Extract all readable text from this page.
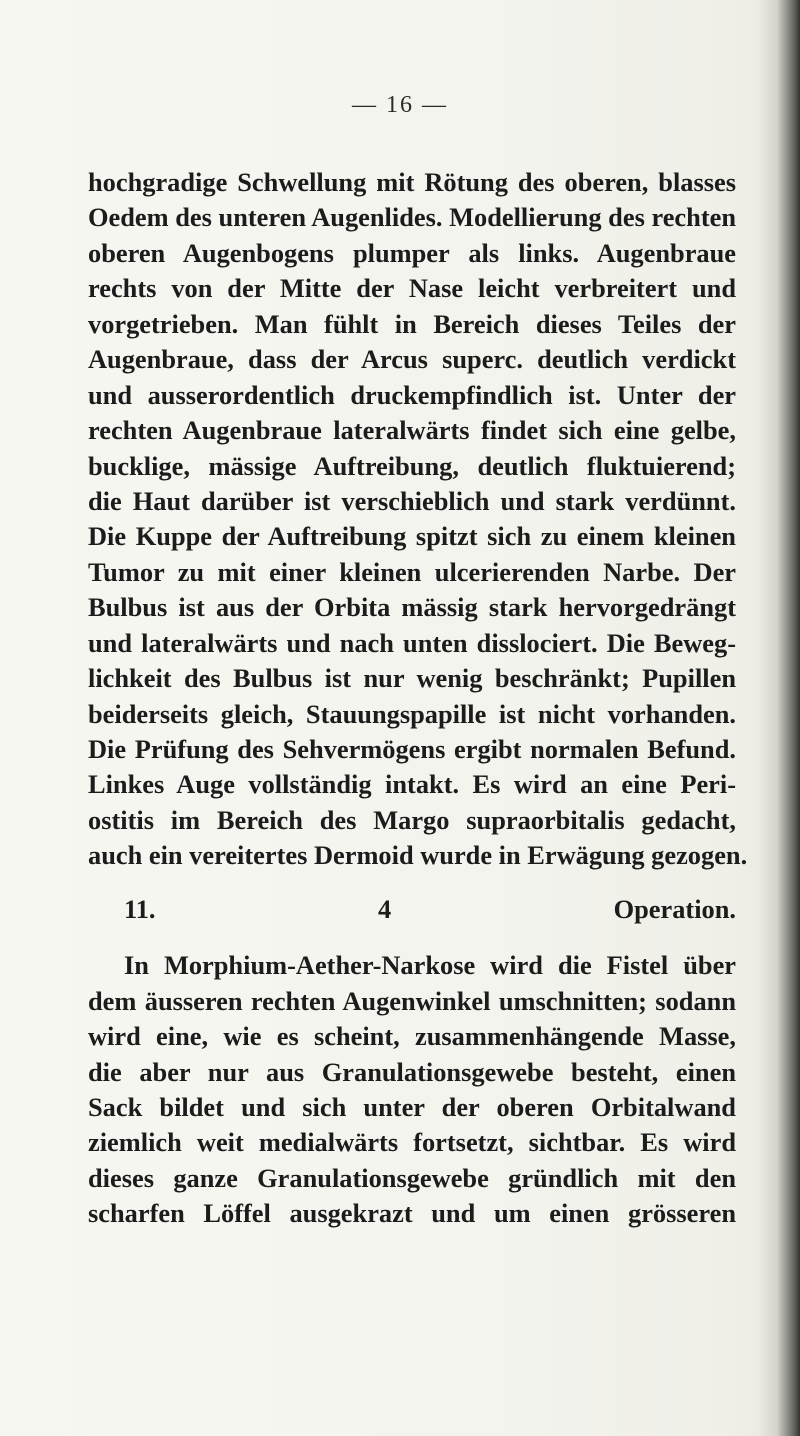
— 16 —
hochgradige Schwellung mit Rötung des oberen, blasses
Oedem des unteren Augenlides. Modellierung des rechten
oberen Augenbogens plumper als links. Augenbraue
rechts von der Mitte der Nase leicht verbreitert und
vorgetrieben. Man fühlt in Bereich dieses Teiles der
Augenbraue, dass der Arcus superc. deutlich verdickt
und ausserordentlich druckempfindlich ist. Unter der
rechten Augenbraue lateralwärts findet sich eine gelbe,
bucklige, mässige Auftreibung, deutlich fluktuierend;
die Haut darüber ist verschieblich und stark verdünnt.
Die Kuppe der Auftreibung spitzt sich zu einem kleinen
Tumor zu mit einer kleinen ulcerierenden Narbe. Der
Bulbus ist aus der Orbita mässig stark hervorgedrängt
und lateralwärts und nach unten disslociert. Die Beweg-
lichkeit des Bulbus ist nur wenig beschränkt; Pupillen
beiderseits gleich, Stauungspapille ist nicht vorhanden.
Die Prüfung des Sehvermögens ergibt normalen Befund.
Linkes Auge vollständig intakt. Es wird an eine Peri-
ostitis im Bereich des Margo supraorbitalis gedacht,
auch ein vereitertes Dermoid wurde in Erwägung gezogen.
11. 4 Operation.
In Morphium-Aether-Narkose wird die Fistel über
dem äusseren rechten Augenwinkel umschnitten; sodann
wird eine, wie es scheint, zusammenhängende Masse,
die aber nur aus Granulationsgewebe besteht, einen
Sack bildet und sich unter der oberen Orbitalwand
ziemlich weit medialwärts fortsetzt, sichtbar. Es wird
dieses ganze Granulationsgewebe gründlich mit den
scharfen Löffel ausgekrazt und um einen grösseren
